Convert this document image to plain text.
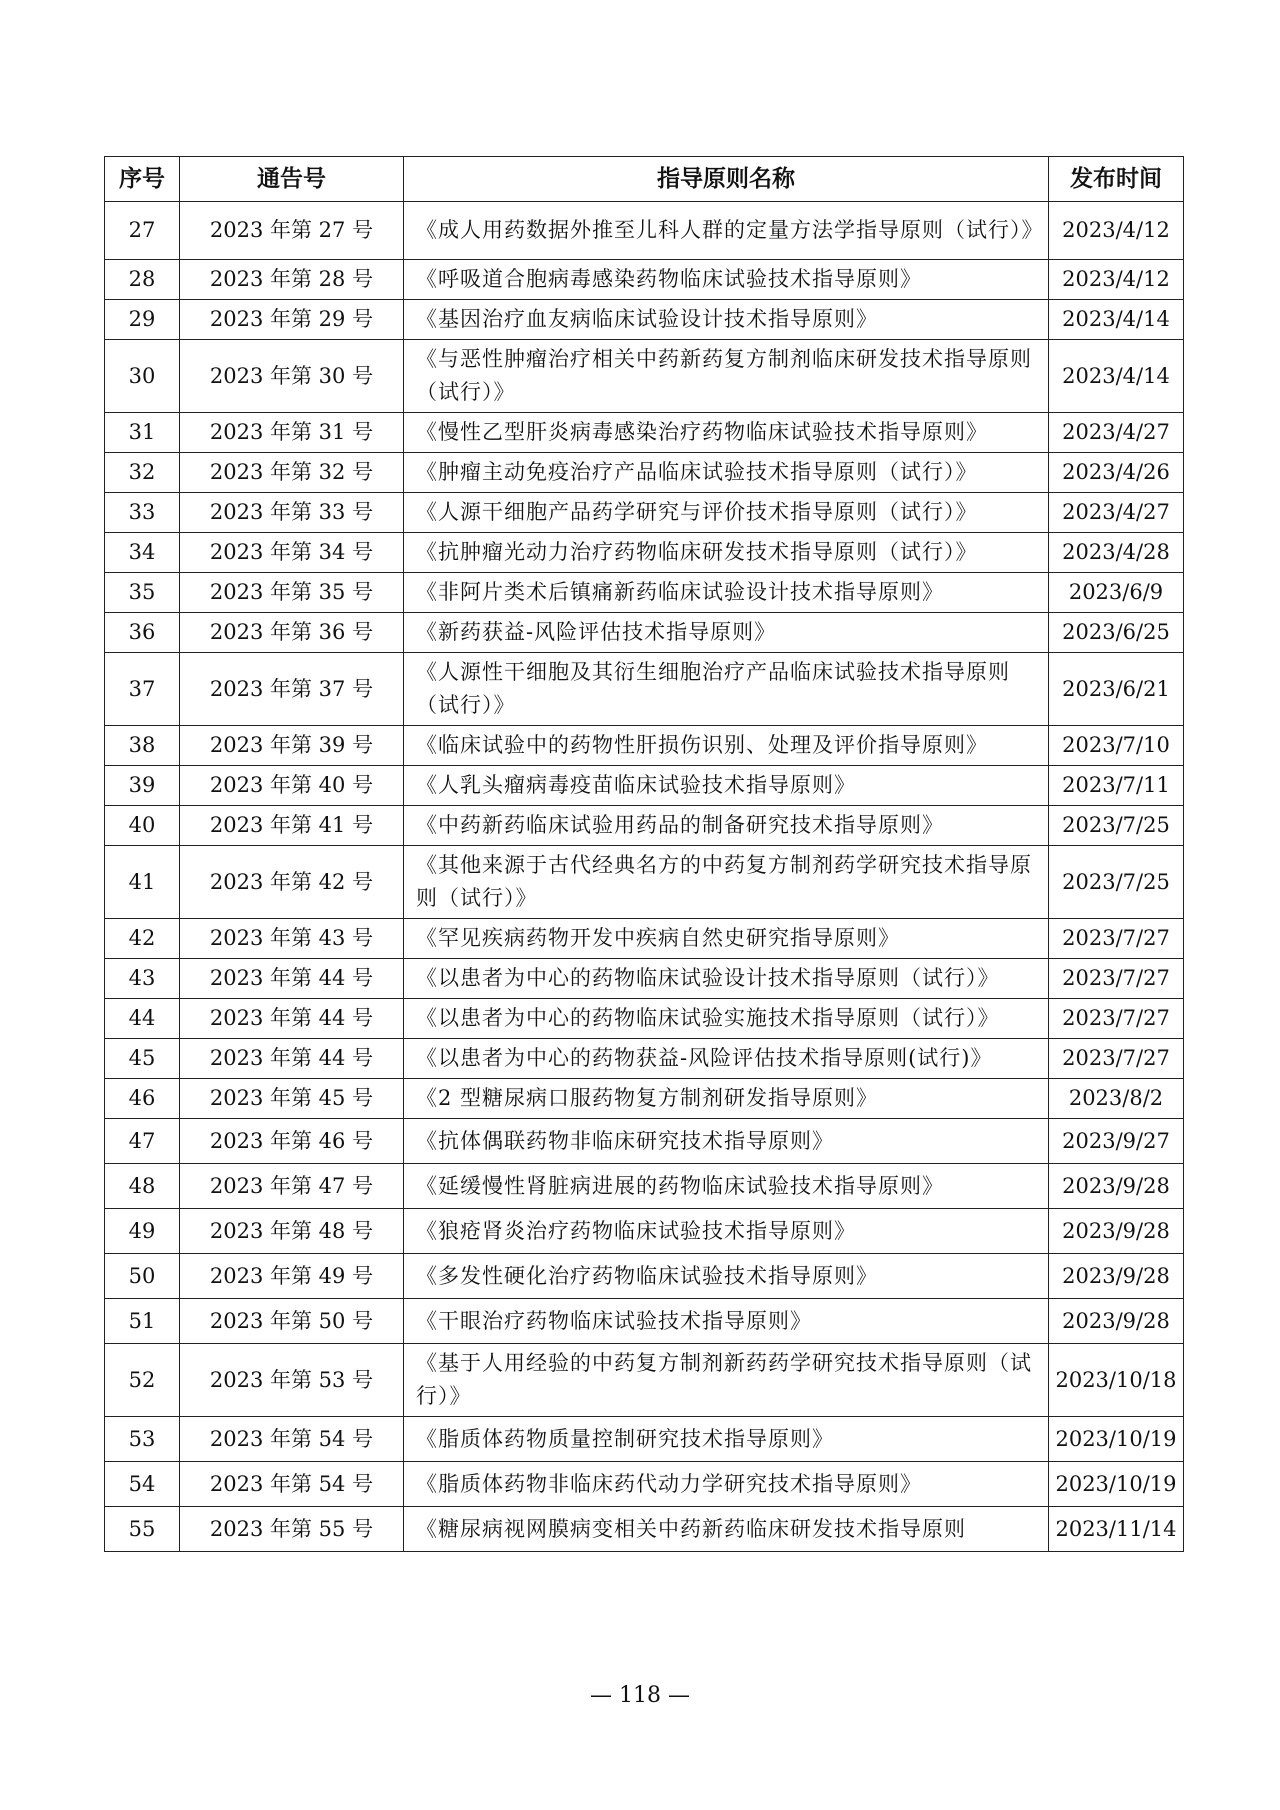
序号	通告号	指导原则名称	发布时间
27	2023 年第 27 号	《成人用药数据外推至儿科人群的定量方法学指导原则（试行）》	2023/4/12
28	2023 年第 28 号	《呼吸道合胞病毒感染药物临床试验技术指导原则》	2023/4/12
29	2023 年第 29 号	《基因治疗血友病临床试验设计技术指导原则》	2023/4/14
30	2023 年第 30 号	《与恶性肿瘤治疗相关中药新药复方制剂临床研发技术指导原则（试行）》	2023/4/14
31	2023 年第 31 号	《慢性乙型肝炎病毒感染治疗药物临床试验技术指导原则》	2023/4/27
32	2023 年第 32 号	《肿瘤主动免疫治疗产品临床试验技术指导原则（试行）》	2023/4/26
33	2023 年第 33 号	《人源干细胞产品药学研究与评价技术指导原则（试行）》	2023/4/27
34	2023 年第 34 号	《抗肿瘤光动力治疗药物临床研发技术指导原则（试行）》	2023/4/28
35	2023 年第 35 号	《非阿片类术后镇痛新药临床试验设计技术指导原则》	2023/6/9
36	2023 年第 36 号	《新药获益-风险评估技术指导原则》	2023/6/25
37	2023 年第 37 号	《人源性干细胞及其衍生细胞治疗产品临床试验技术指导原则（试行）》	2023/6/21
38	2023 年第 39 号	《临床试验中的药物性肝损伤识别、处理及评价指导原则》	2023/7/10
39	2023 年第 40 号	《人乳头瘤病毒疫苗临床试验技术指导原则》	2023/7/11
40	2023 年第 41 号	《中药新药临床试验用药品的制备研究技术指导原则》	2023/7/25
41	2023 年第 42 号	《其他来源于古代经典名方的中药复方制剂药学研究技术指导原则（试行）》	2023/7/25
42	2023 年第 43 号	《罕见疾病药物开发中疾病自然史研究指导原则》	2023/7/27
43	2023 年第 44 号	《以患者为中心的药物临床试验设计技术指导原则（试行）》	2023/7/27
44	2023 年第 44 号	《以患者为中心的药物临床试验实施技术指导原则（试行）》	2023/7/27
45	2023 年第 44 号	《以患者为中心的药物获益-风险评估技术指导原则(试行)》	2023/7/27
46	2023 年第 45 号	《2 型糖尿病口服药物复方制剂研发指导原则》	2023/8/2
47	2023 年第 46 号	《抗体偶联药物非临床研究技术指导原则》	2023/9/27
48	2023 年第 47 号	《延缓慢性肾脏病进展的药物临床试验技术指导原则》	2023/9/28
49	2023 年第 48 号	《狼疮肾炎治疗药物临床试验技术指导原则》	2023/9/28
50	2023 年第 49 号	《多发性硬化治疗药物临床试验技术指导原则》	2023/9/28
51	2023 年第 50 号	《干眼治疗药物临床试验技术指导原则》	2023/9/28
52	2023 年第 53 号	《基于人用经验的中药复方制剂新药药学研究技术指导原则（试行）》	2023/10/18
53	2023 年第 54 号	《脂质体药物质量控制研究技术指导原则》	2023/10/19
54	2023 年第 54 号	《脂质体药物非临床药代动力学研究技术指导原则》	2023/10/19
55	2023 年第 55 号	《糖尿病视网膜病变相关中药新药临床研发技术指导原则	2023/11/14
— 118 —
